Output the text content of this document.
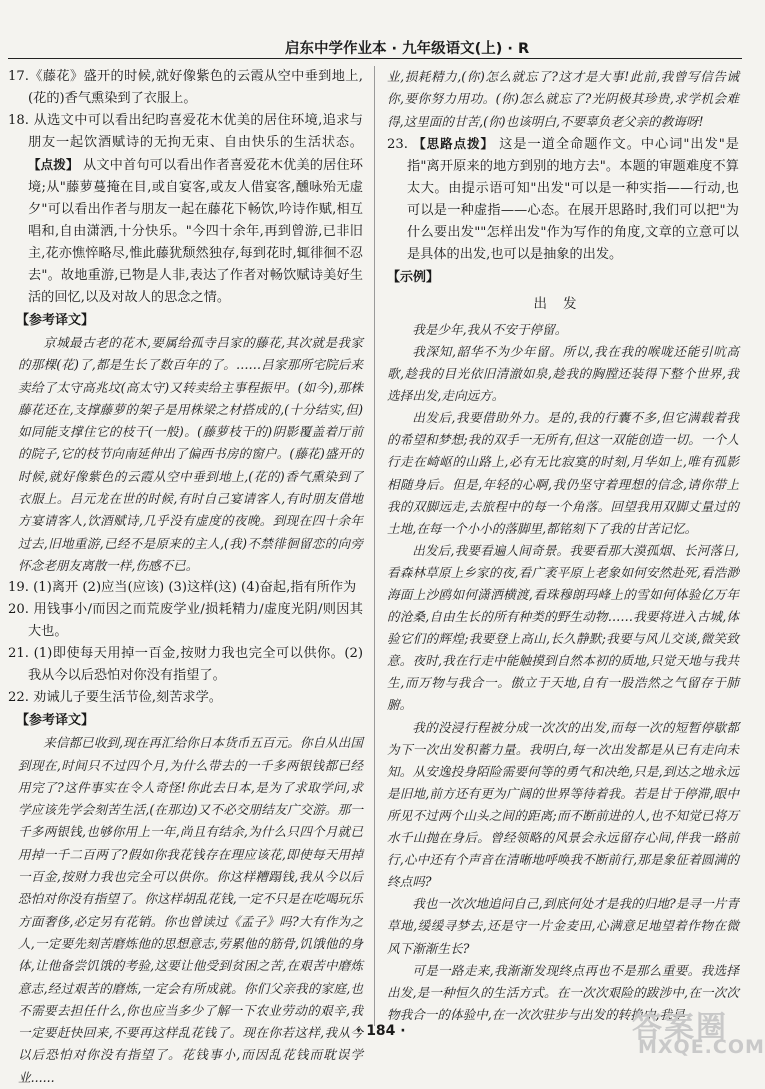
启东中学作业本 · 九年级语文(上) · R

17.《藤花》盛开的时候,就好像紫色的云霞从空中垂到地上,(花的)香气熏染到了衣服上。

18. 从选文中可以看出纪昀喜爱花木优美的居住环境,追求与朋友一起饮酒赋诗的无拘无束、自由快乐的生活状态。 【点拨】 从文中首句可以看出作者喜爱花木优美的居住环境;从"藤萝蔓掩在目,或自宴客,或友人借宴客,醺咏殆无虚夕"可以看出作者与朋友一起在藤花下畅饮,吟诗作赋,相互唱和,自由潇洒,十分快乐。"今四十余年,再到曾游,已非旧主,花亦憔悴略尽,惟此藤犹颓然独存,每到花时,辄徘徊不忍去"。故地重游,已物是人非,表达了作者对畅饮赋诗美好生活的回忆,以及对故人的思念之情。

【参考译文】

京城最古老的花木,要属给孤寺吕家的藤花,其次就是我家的那棵(花)了,都是生长了数百年的了。……吕家那所宅院后来卖给了太守高兆坟(高太守)又转卖给主事程振甲。(如今),那株藤花还在,支撑藤萝的架子是用株梁之材搭成的,(十分结实,但)如同能支撑住它的枝干(一般)。(藤萝枝干的)阴影覆盖着厅前的院子,它的枝节向南延伸出了偏西书房的窗户。(藤花)盛开的时候,就好像紫色的云霞从空中垂到地上,(花的)香气熏染到了衣服上。吕元龙在世的时候,有时自己宴请客人,有时朋友借地方宴请客人,饮酒赋诗,几乎没有虚度的夜晚。到现在四十余年过去,旧地重游,已经不是原来的主人,(我)不禁徘徊留恋的向旁怀念老朋友离散一样,伤感不已。

19. (1)离开 (2)应当(应该) (3)这样(这) (4)奋起,指有所作为

20. 用钱事小/而因之而荒废学业/损耗精力/虚度光阴/则因其大也。

21. (1)即使每天用掉一百金,按财力我也完全可以供你。(2)我从今以后恐怕对你没有指望了。

22. 劝诫儿子要生活节俭,刻苦求学。

【参考译文】

来信都已收到,现在再汇给你日本货币五百元。你自从出国到现在,时间只不过四个月,为什么带去的一千多两银钱都已经用完了?这件事实在令人奇怪!你此去日本,是为了求取学问,求学应该先学会刻苦生活,(在那边)又不必交朋结友广交游。那一千多两银钱,也够你用上一年,尚且有结余,为什么只四个月就已用掉一千二百两了?假如你我花钱存在理应该花,即使每天用掉一百金,按财力我也完全可以供你。你这样糟蹋钱,我从今以后恐怕对你没有指望了。你这样胡乱花钱,一定不只是在吃喝玩乐方面奢侈,必定另有花销。你也曾读过《孟子》吗?大有作为之人,一定要先刻苦磨炼他的思想意志,劳累他的筋骨,饥饿他的身体,让他备尝饥饿的考验,这要让他受到贫困之苦,在艰苦中磨炼意志,经过艰苦的磨炼,一定会有所成就。你们父亲我的家庭,也不需要去担任什么,你也应当多少了解一下农业劳动的艰辛,我一定要赶快回来,不要再这样乱花钱了。现在你若这样,我从今以后恐怕对你没有指望了。花钱事小,而因乱花钱而耽误学业......

业,损耗精力,(你)怎么就忘了?这才是大事!此前,我曾写信告诫你,要你努力用功。(你)怎么就忘了?光阴极其珍贵,求学机会难得,这里面的甘苦,(你)也该明白,不要辜负老父亲的教诲呀!

23. 【思路点拨】 这是一道全命题作文。中心词"出发"是指"离开原来的地方到别的地方去"。本题的审题难度不算太大。由提示语可知"出发"可以是一种实指——行动,也可以是一种虚指——心态。在展开思路时,我们可以把"为什么要出发""怎样出发"作为写作的角度,文章的立意可以是具体的出发,也可以是抽象的出发。

【示例】
出发

我是少年,我从不安于停留。

我深知,韶华不为少年留。所以,我在我的喉咙还能引吭高歌,趁我的目光依旧清澈如泉,趁我的胸膛还装得下整个世界,我选择出发,走向远方。

出发后,我要借助外力。是的,我的行囊不多,但它满载着我的希望和梦想;我的双手一无所有,但这一双能创造一切。一个人行走在崎岖的山路上,必有无比寂寞的时刻,月华如上,唯有孤影相随身后。但是,年轻的心啊,我仍坚守着理想的信念,请你带上我的双脚远走,去旅程中的每一个角落。回望我用双脚丈量过的土地,在每一个小小的落脚里,都铭刻下了我的甘苦记忆。

出发后,我要看遍人间奇景。我要看那大漠孤烟、长河落日,看森林草原上乡家的夜,看广袤平原上老象如何安然赴死,看浩渺海面上沙鸥如何潇洒横渡,看珠穆朗玛峰上的雪如何体验亿万年的沧桑,自由生长的所有种类的野生动物……我要将进入古城,体验它们的辉煌;我要登上高山,长久静默;我要与风儿交谈,微笑致意。夜时,我在行走中能触摸到自然本初的质地,只觉天地与我共生,而万物与我合一。傲立于天地,自有一股浩然之气留存于肺腑。

我的没浸行程被分成一次次的出发,而每一次的短暂停歇都为下一次出发积蓄力量。我明白,每一次出发都是从已有走向未知。从安逸投身陌险需要何等的勇气和决绝,只是,到达之地永远是旧地,前方还有更为广阔的世界等待着我。若是甘于停滞,眼中所见不过两个山头之间的距离;而不断前进的人,也不知觉已将万水千山抛在身后。曾经领略的风景会永远留存心间,伴我一路前行,心中还有个声音在清晰地呼唤我不断前行,那是象征着圆满的终点吗?

我也一次次地追问自己,到底何处才是我的归地?是寻一片青草地,缓缓寻梦去,还是守一片金麦田,心满意足地望着作物在微风下渐渐生长?

可是一路走来,我渐渐发现终点再也不是那么重要。我选择出发,是一种恒久的生活方式。在一次次艰险的跋涉中,在一次次物我合一的体验中,在一次次驻步与出发的转换中,我早

· 184 ·	答案圈
MXQE.COM
